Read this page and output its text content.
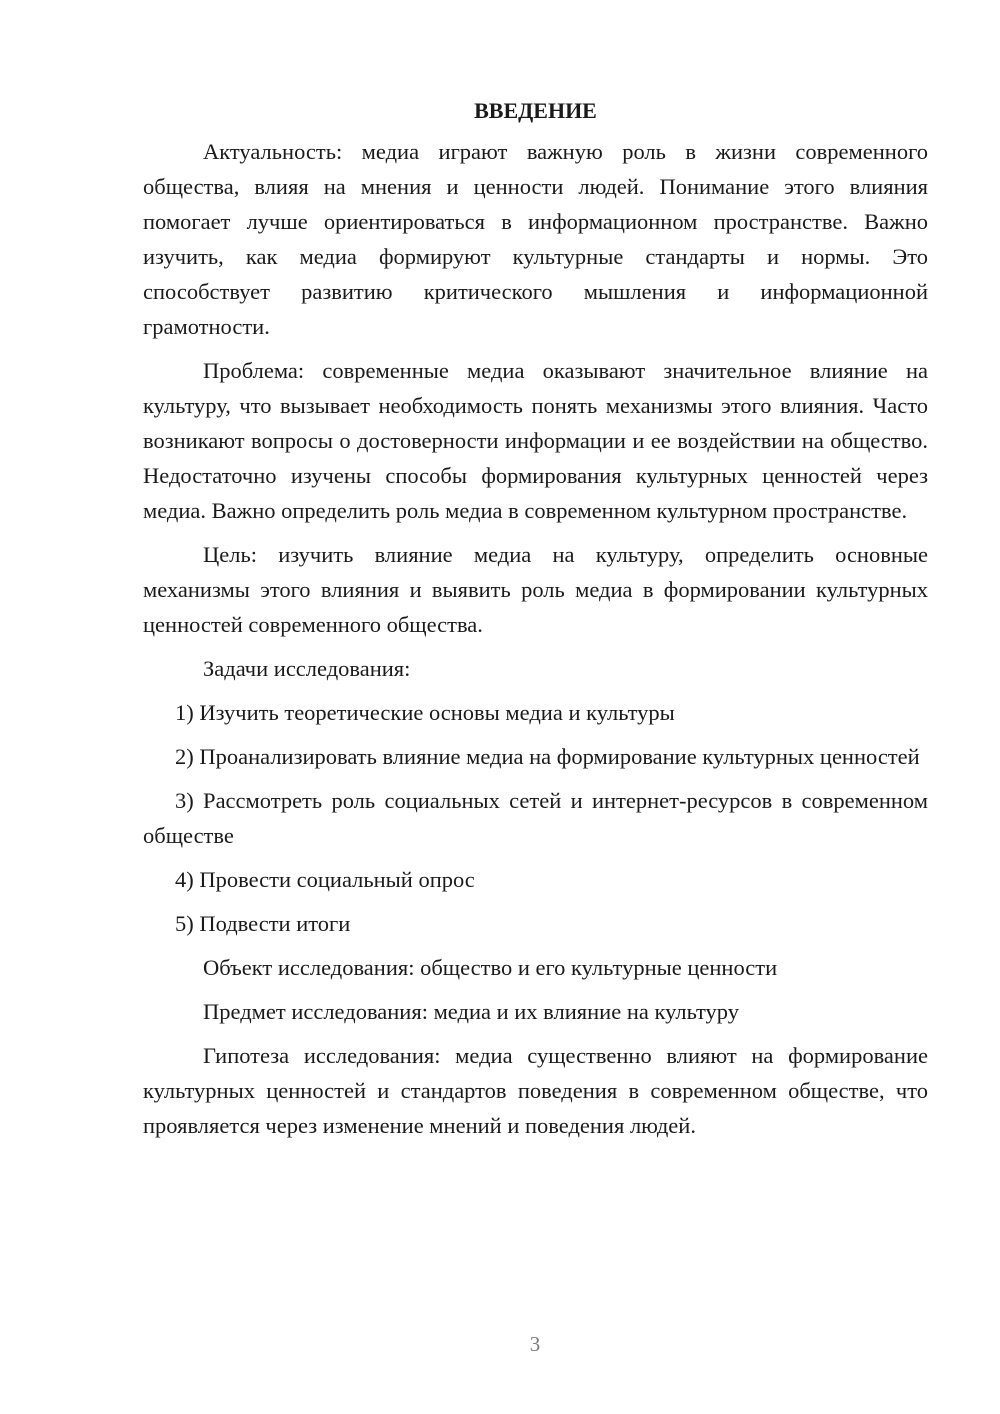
ВВЕДЕНИЕ

Актуальность: медиа играют важную роль в жизни современного общества, влияя на мнения и ценности людей. Понимание этого влияния помогает лучше ориентироваться в информационном пространстве. Важно изучить, как медиа формируют культурные стандарты и нормы. Это способствует развитию критического мышления и информационной грамотности.

Проблема: современные медиа оказывают значительное влияние на культуру, что вызывает необходимость понять механизмы этого влияния. Часто возникают вопросы о достоверности информации и ее воздействии на общество. Недостаточно изучены способы формирования культурных ценностей через медиа. Важно определить роль медиа в современном культурном пространстве.

Цель: изучить влияние медиа на культуру, определить основные механизмы этого влияния и выявить роль медиа в формировании культурных ценностей современного общества.

Задачи исследования:

1) Изучить теоретические основы медиа и культуры

2) Проанализировать влияние медиа на формирование культурных ценностей

3) Рассмотреть роль социальных сетей и интернет-ресурсов в современном обществе

4) Провести социальный опрос

5) Подвести итоги

Объект исследования: общество и его культурные ценности

Предмет исследования: медиа и их влияние на культуру

Гипотеза исследования: медиа существенно влияют на формирование культурных ценностей и стандартов поведения в современном обществе, что проявляется через изменение мнений и поведения людей.

3
